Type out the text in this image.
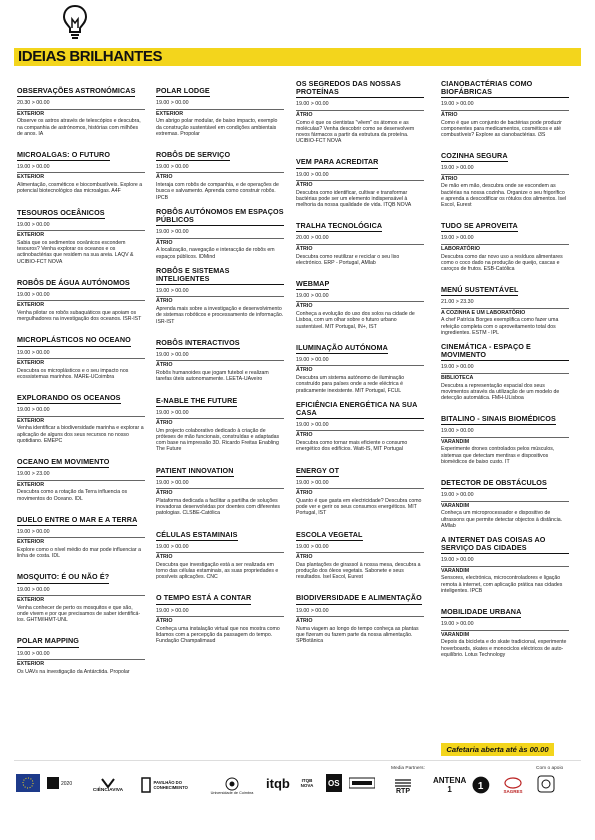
IDEIAS BRILHANTES
OBSERVAÇÕES ASTRONÓMICAS
20.30 > 00.00
EXTERIOR
Observe os astros através de telescópios e descubra, na companhia de astrónomos, histórias com milhões de anos. IA
MICROALGAS: O FUTURO
19.00 > 00.00
EXTERIOR
Alimentação, cosméticos e biocombustíveis. Explore a potencial biotecnológico das microalgas. A4F
TESOUROS OCEÂNICOS
19.00 > 00.00
EXTERIOR
Sabia que os sedimentos oceânicos escondem tesouros? Venha explorar os oceanos e os actinobactérias que residem na sua areia. LAQV & UCIBIO-FCT NOVA
ROBÔS DE ÁGUA AUTÓNOMOS
19.00 > 00.00
EXTERIOR
Venha pilotar os robôs subaquáticos que apoiam os mergulhadores na investigação dos oceanos. ISR-IST
MICROPLÁSTICOS NO OCEANO
19.00 > 00.00
EXTERIOR
Descubra os microplásticos e o seu impacto nos ecossistemas marinhos. MARE-UCoimbra
EXPLORANDO OS OCEANOS
19.00 > 00.00
EXTERIOR
Venha identificar a biodiversidade marinha e explorar a aplicação de alguns dos seus recursos no nosso quotidiano. EMEPC
OCEANO EM MOVIMENTO
19.00 > 23.00
EXTERIOR
Descubra como a rotação da Terra influencia os movimentos do Oceano. IDL
DUELO ENTRE O MAR E A TERRA
19.00 > 00.00
EXTERIOR
Explore como o nível médio do mar pode influenciar a linha de costa. IDL
MOSQUITO: É OU NÃO É?
19.00 > 00.00
EXTERIOR
Venha conhecer de perto os mosquitos e que são, onde vivem e por que precisamos de saber identificá-los. GHTM/IHMT-UNL
POLAR MAPPING
19.00 > 00.00
EXTERIOR
Os UAVs na investigação da Antárctida. Propolar
POLAR LODGE
19.00 > 00.00
EXTERIOR
Um abrigo polar modular, de baixo impacto, exemplo da construção sustentável em condições ambientais extremas. Propolar
ROBÔS DE SERVIÇO
19.00 > 00.00
ÁTRIO
Interaja com robôs de companhia, e de operações de busca e salvamento. Aprenda como construir robôs. IPCB
ROBÔS AUTÓNOMOS EM ESPAÇOS PÚBLICOS
19.00 > 00.00
ÁTRIO
A localização, navegação e interacção de robôs em espaços públicos. IDMind
ROBÔS E SISTEMAS INTELIGENTES
19.00 > 00.00
ÁTRIO
Aprenda mais sobre a investigação e desenvolvimento de sistemas robóticos e processamento de informação. ISR-IST
ROBÔS INTERACTIVOS
19.00 > 00.00
ÁTRIO
Robôs humanoides que jogam futebol e realizam tarefas úteis autonomamente. LEETA-UAveiro
E-NABLE THE FUTURE
19.00 > 00.00
ÁTRIO
Um projecto colaborativo dedicado à criação de próteses de mão funcionais, construídas e adaptadas com base na impressão 3D. Ricardo Freitas Enabling The Future
PATIENT INNOVATION
19.00 > 00.00
ÁTRIO
Plataforma dedicada a facilitar a partilha de soluções inovadoras desenvolvidas por doentes com diferentes patologias. CLSBE-Católica
CÉLULAS ESTAMINAIS
19.00 > 00.00
ÁTRIO
Descubra que investigação está a ser realizada em torno das células estaminais, as suas propriedades e possíveis aplicações. CNC
O TEMPO ESTÁ A CONTAR
19.00 > 00.00
ÁTRIO
Conheça uma instalação virtual que nos mostra como lidamos com a percepção da passagem do tempo. Fundação Champalimaud
OS SEGREDOS DAS NOSSAS PROTEÍNAS
19.00 > 00.00
ÁTRIO
Como é que os cientistas "vêem" os átomos e as moléculas? Venha descobrir como se desenvolvem novos fármacos a partir da estrutura da proteína. UCIBIO-FCT NOVA
VEM PARA ACREDITAR
19.00 > 00.00
ÁTRIO
Descubra como identificar, cultivar e transformar bactérias pode ser um elemento indispensável à melhoria da nossa qualidade de vida. ITQB NOVA
TRALHA TECNOLÓGICA
20.00 > 00.00
ÁTRIO
Descubra como reutilizar e reciclar o seu lixo electrónico. ERP - Portugal, AMlab
WEBMAP
19.00 > 00.00
ÁTRIO
Conheça a evolução do uso dos solos na cidade de Lisboa, com um olhar sobre o futuro urbano sustentável. MIT Portugal, IN+, IST
ILUMINAÇÃO AUTÓNOMA
19.00 > 00.00
ÁTRIO
Descubra um sistema autónomo de iluminação construído para países onde a rede eléctrica é praticamente inexistente. MIT Portugal, FCUL
EFICIÊNCIA ENERGÉTICA NA SUA CASA
19.00 > 00.00
ÁTRIO
Descubra como tornar mais eficiente o consumo energético dos edifícios. Watt-IS, MIT Portugal
ENERGY OT
19.00 > 00.00
ÁTRIO
Quanto é que gasta em electricidade? Descubra como pode ver e gerir os seus consumos energéticos. MIT Portugal, IST
ESCOLA VEGETAL
19.00 > 00.00
ÁTRIO
Das plantações de girassol à nossa mesa, descubra a produção dos óleos vegetais. Sabonete e seus resultados. Isel Escol, Eurest
BIODIVERSIDADE E ALIMENTAÇÃO
19.00 > 00.00
ÁTRIO
Numa viagem ao longo do tempo conheça as plantas que fizeram ou fazem parte da nossa alimentação. SPBotânica
CIANOBACTÉRIAS COMO BIOFÁBRICAS
19.00 > 00.00
ÁTRIO
Como é que um conjunto de bactérias pode produzir componentes para medicamentos, cosméticos e até combustíveis? Explore as cianobactérias. i3S
COZINHA SEGURA
19.00 > 00.00
ÁTRIO
De mão em mão, descubra onde se escondem as bactérias na nossa cozinha. Organize o seu frigorífico e aprenda a descodificar os rótulos dos alimentos. Isel Escol, Eurest
TUDO SE APROVEITA
19.00 > 00.00
LABORATÓRIO
Descubra como dar novo uso a resíduos alimentares como o coco dado na produção de queijo, cascas e caroços de frutos. ESB-Católica
MENÚ SUSTENTÁVEL
21.00 > 23.30
A COZINHA E UM LABORATÓRIO
A chef Patrícia Borges exemplifica como fazer uma refeição completa com o aproveitamento total dos ingredientes. ESTM - IPL
CINEMÁTICA - ESPAÇO E MOVIMENTO
19.00 > 00.00
BIBLIOTECA
Descubra a representação espacial dos seus movimentos através da utilização de um modelo de detecção automática. FMH-ULisboa
BITALINO - SINAIS BIOMÉDICOS
19.00 > 00.00
VARANDIM
Experimente drones controlados pelos músculos, sistemas que detectam mentiras e dispositivos biomédicos de baixo custo. IT
DETECTOR DE OBSTÁCULOS
19.00 > 00.00
VARANDIM
Conheça um microprocessador e dispositivo de ultrassons que permite detectar objectos à distância. AMlab
A INTERNET DAS COISAS AO SERVIÇO DAS CIDADES
19.00 > 00.00
VARANDIM
Sensores, electrónica, microcontroladores e ligação remota à internet, com aplicação prática nas cidades inteligentes. IPCB
MOBILIDADE URBANA
19.00 > 00.00
VARANDIM
Depois da bicicleta e do skate tradicional, experimente hoverboards, skates e monociclos eléctricos de auto-equilíbrio. Lotus Technology
Cafetaria aberta até às 00.00
Media Partners:	Com o apoio
2020
CIÊNCIAVIVA
PAVILHÃO DO CONHECIMENTO
Universidade de Coimbra
itqb	ITQB NOVA	OS
RTP
ANTENA 1	1	SAGRES
